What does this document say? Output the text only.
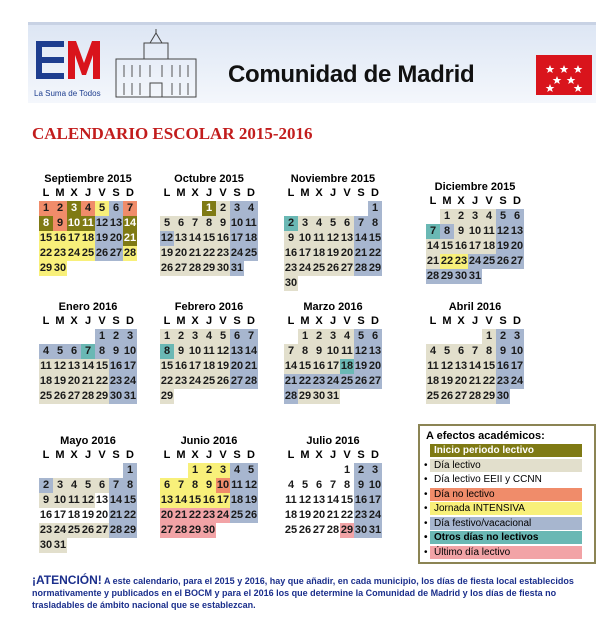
La Suma de Todos
Comunidad de Madrid
CALENDARIO ESCOLAR 2015-2016
Septiembre 2015
L M X J V S D
1 2 3 4 5 6 7
8 9 10 11 12 13 14
15 16 17 18 19 20 21
22 23 24 25 26 27 28
29 30
Octubre 2015
L M X J V S D
1 2 3 4
5 6 7 8 9 10 11
12 13 14 15 16 17 18
19 20 21 22 23 24 25
26 27 28 29 30 31
Noviembre 2015
L M X J V S D
1
2 3 4 5 6 7 8
9 10 11 12 13 14 15
16 17 18 19 20 21 22
23 24 25 26 27 28 29
30
Diciembre 2015
L M X J V S D
1 2 3 4 5 6
7 8 9 10 11 12 13
14 15 16 17 18 19 20
21 22 23 24 25 26 27
28 29 30 31
Enero 2016
L M X J V S D
1 2 3
4 5 6 7 8 9 10
11 12 13 14 15 16 17
18 19 20 21 22 23 24
25 26 27 28 29 30 31
Febrero 2016
L M X J V S D
1 2 3 4 5 6 7
8 9 10 11 12 13 14
15 16 17 18 19 20 21
22 23 24 25 26 27 28
29
Marzo 2016
L M X J V S D
1 2 3 4 5 6
7 8 9 10 11 12 13
14 15 16 17 18 19 20
21 22 23 24 25 26 27
28 29 30 31
Abril 2016
L M X J V S D
1 2 3
4 5 6 7 8 9 10
11 12 13 14 15 16 17
18 19 20 21 22 23 24
25 26 27 28 29 30
Mayo 2016
L M X J V S D
1
2 3 4 5 6 7 8
9 10 11 12 13 14 15
16 17 18 19 20 21 22
23 24 25 26 27 28 29
30 31
Junio 2016
L M X J V S D
1 2 3 4 5
6 7 8 9 10 11 12
13 14 15 16 17 18 19
20 21 22 23 24 25 26
27 28 29 30
Julio 2016
L M X J V S D
1 2 3
4 5 6 7 8 9 10
11 12 13 14 15 16 17
18 19 20 21 22 23 24
25 26 27 28 29 30 31
A efectos académicos:
• Inicio periodo lectivo
• Día lectivo
• Día lectivo EEII y CCNN
• Día no lectivo
• Jornada INTENSIVA
• Día festivo/vacacional
• Otros días no lectivos
• Último día lectivo
¡ATENCIÓN! A este calendario, para el 2015 y 2016, hay que añadir, en cada municipio, los días de fiesta local establecidos normativamente y publicados en el BOCM y para el 2016 los que determine la Comunidad de Madrid y los días de fiesta no trasladables de ámbito nacional que se establezcan.
